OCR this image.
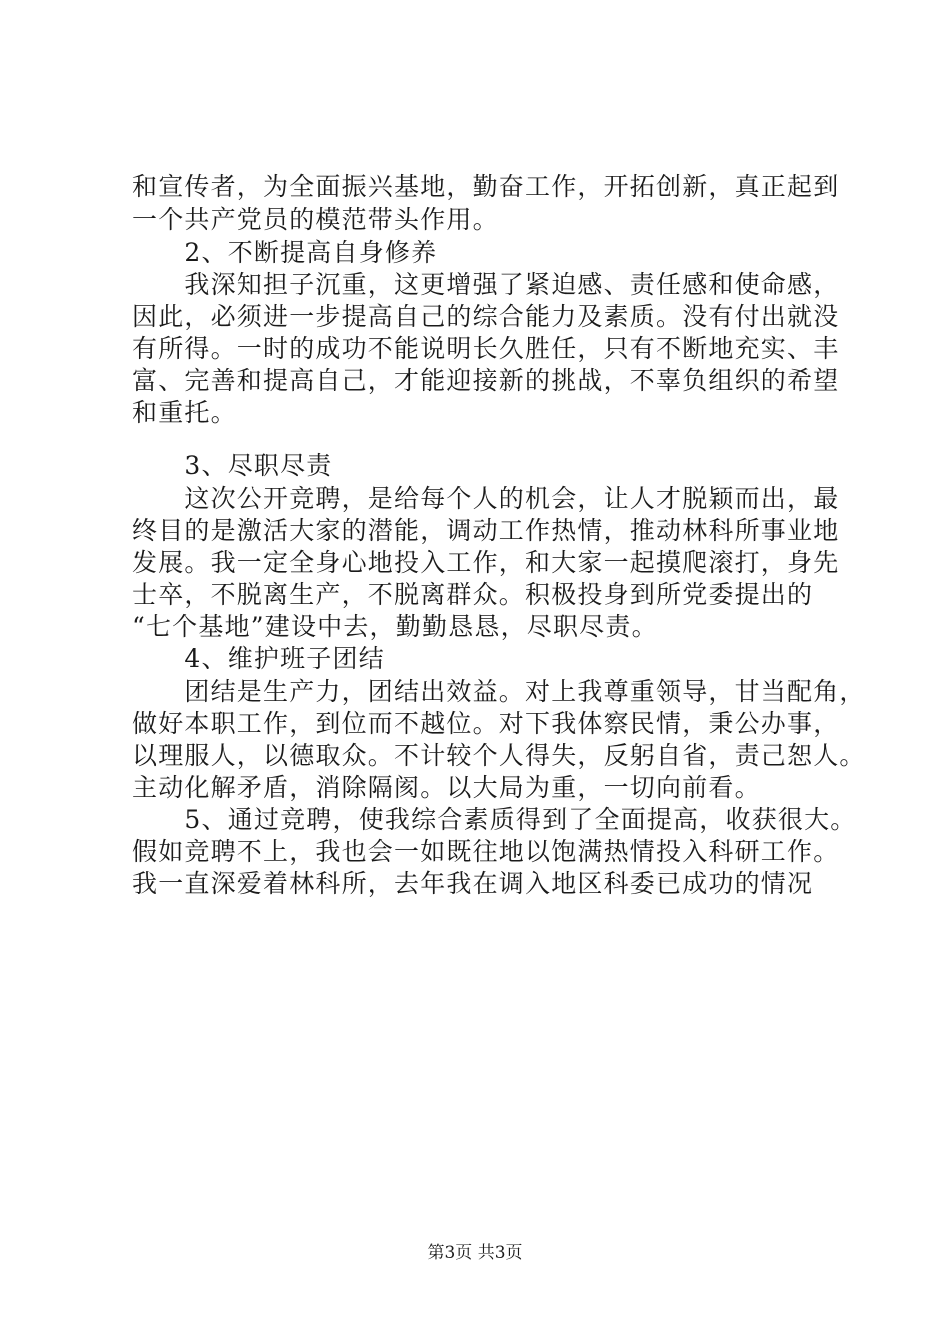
和宣传者，为全面振兴基地，勤奋工作，开拓创新，真正起到
一个共产党员的模范带头作用。
　　2、不断提高自身修养
　　我深知担子沉重，这更增强了紧迫感、责任感和使命感，
因此，必须进一步提高自己的综合能力及素质。没有付出就没
有所得。一时的成功不能说明长久胜任，只有不断地充实、丰
富、完善和提高自己，才能迎接新的挑战，不辜负组织的希望
和重托。
　　3、尽职尽责
　　这次公开竞聘，是给每个人的机会，让人才脱颖而出，最
终目的是激活大家的潜能，调动工作热情，推动林科所事业地
发展。我一定全身心地投入工作，和大家一起摸爬滚打，身先
士卒，不脱离生产，不脱离群众。积极投身到所党委提出的
“七个基地”建设中去，勤勤恳恳，尽职尽责。
　　4、维护班子团结
　　团结是生产力，团结出效益。对上我尊重领导，甘当配角，
做好本职工作，到位而不越位。对下我体察民情，秉公办事，
以理服人，以德取众。不计较个人得失，反躬自省，责己恕人。
主动化解矛盾，消除隔阂。以大局为重，一切向前看。
　　5、通过竞聘，使我综合素质得到了全面提高，收获很大。
假如竞聘不上，我也会一如既往地以饱满热情投入科研工作。
我一直深爱着林科所，去年我在调入地区科委已成功的情况
第3页 共3页
